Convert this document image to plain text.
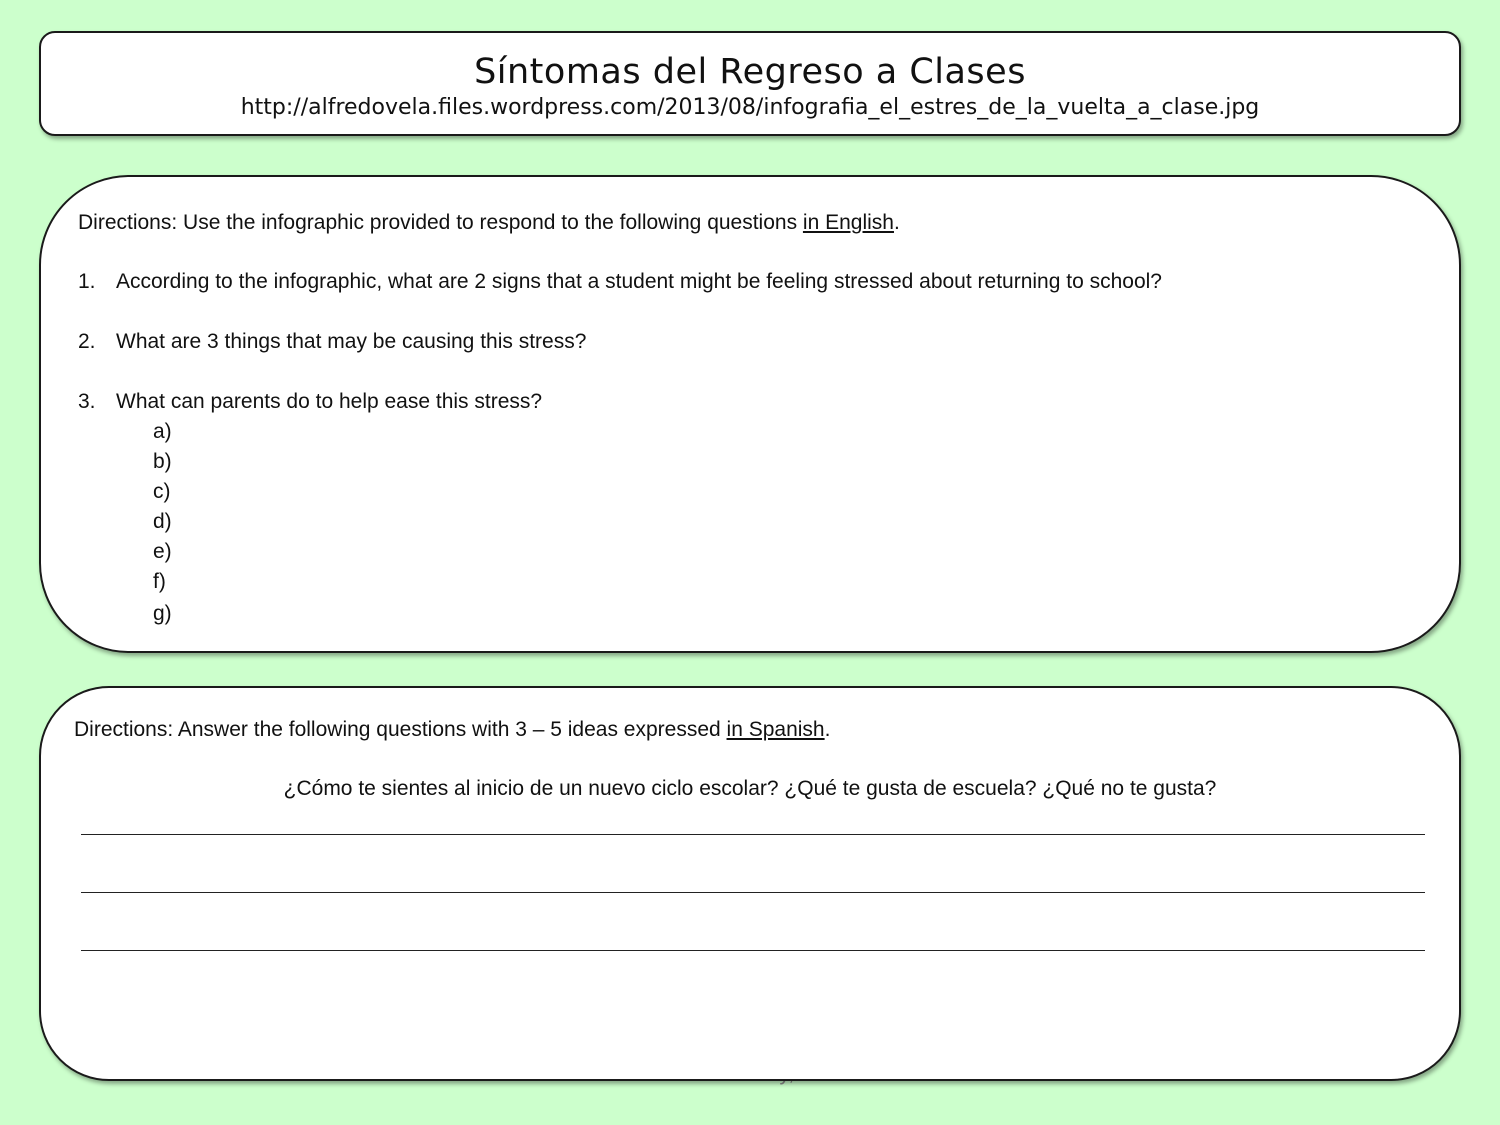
Síntomas del Regreso a Clases
http://alfredovela.files.wordpress.com/2013/08/infografia_el_estres_de_la_vuelta_a_clase.jpg
Directions: Use the infographic provided to respond to the following questions in English.
1. According to the infographic, what are 2 signs that a student might be feeling stressed about returning to school?
2. What are 3 things that may be causing this stress?
3. What can parents do to help ease this stress?
a)
b)
c)
d)
e)
f)
g)
Directions: Answer the following questions with 3 – 5 ideas expressed in Spanish.
¿Cómo te sientes al inicio de un nuevo ciclo escolar? ¿Qué te gusta de escuela? ¿Qué no te gusta?
